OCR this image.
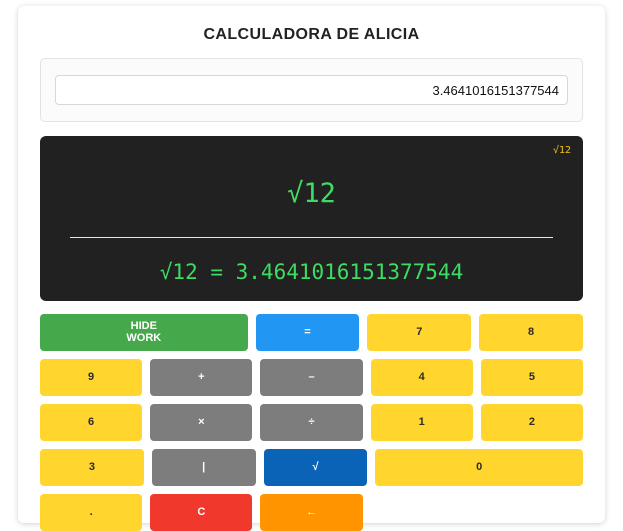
CALCULADORA DE ALICIA
3.4641016151377544
√12
√12
√12 = 3.4641016151377544
HIDE
WORK	=	7	8
9	+	–	4	5
6	×	÷	1	2
3	|	√	0
.	C	←
